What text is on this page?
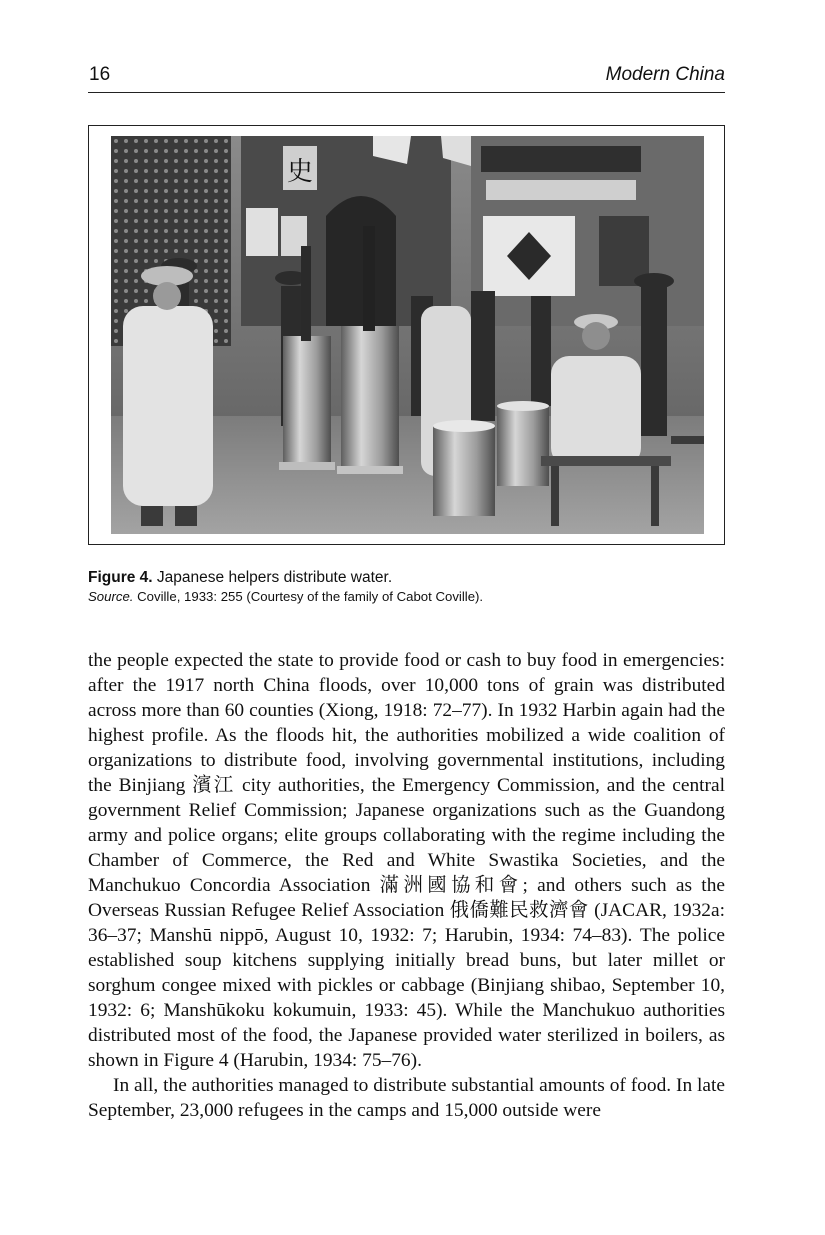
16	Modern China
史
Figure 4. Japanese helpers distribute water.
Source. Coville, 1933: 255 (Courtesy of the family of Cabot Coville).

the people expected the state to provide food or cash to buy food in emergencies: after the 1917 north China floods, over 10,000 tons of grain was distributed across more than 60 counties (Xiong, 1918: 72–77). In 1932 Harbin again had the highest profile. As the floods hit, the authorities mobilized a wide coalition of organizations to distribute food, involving governmental institutions, including the Binjiang 濱江 city authorities, the Emergency Commission, and the central government Relief Commission; Japanese organizations such as the Guandong army and police organs; elite groups collaborating with the regime including the Chamber of Commerce, the Red and White Swastika Societies, and the Manchukuo Concordia Association 滿洲國協和會; and others such as the Overseas Russian Refugee Relief Association 俄僑難民救濟會 (JACAR, 1932a: 36–37; Manshū nippō, August 10, 1932: 7; Harubin, 1934: 74–83). The police established soup kitchens supplying initially bread buns, but later millet or sorghum congee mixed with pickles or cabbage (Binjiang shibao, September 10, 1932: 6; Manshūkoku kokumuin, 1933: 45). While the Manchukuo authorities distributed most of the food, the Japanese provided water sterilized in boilers, as shown in Figure 4 (Harubin, 1934: 75–76).

In all, the authorities managed to distribute substantial amounts of food. In late September, 23,000 refugees in the camps and 15,000 outside were
